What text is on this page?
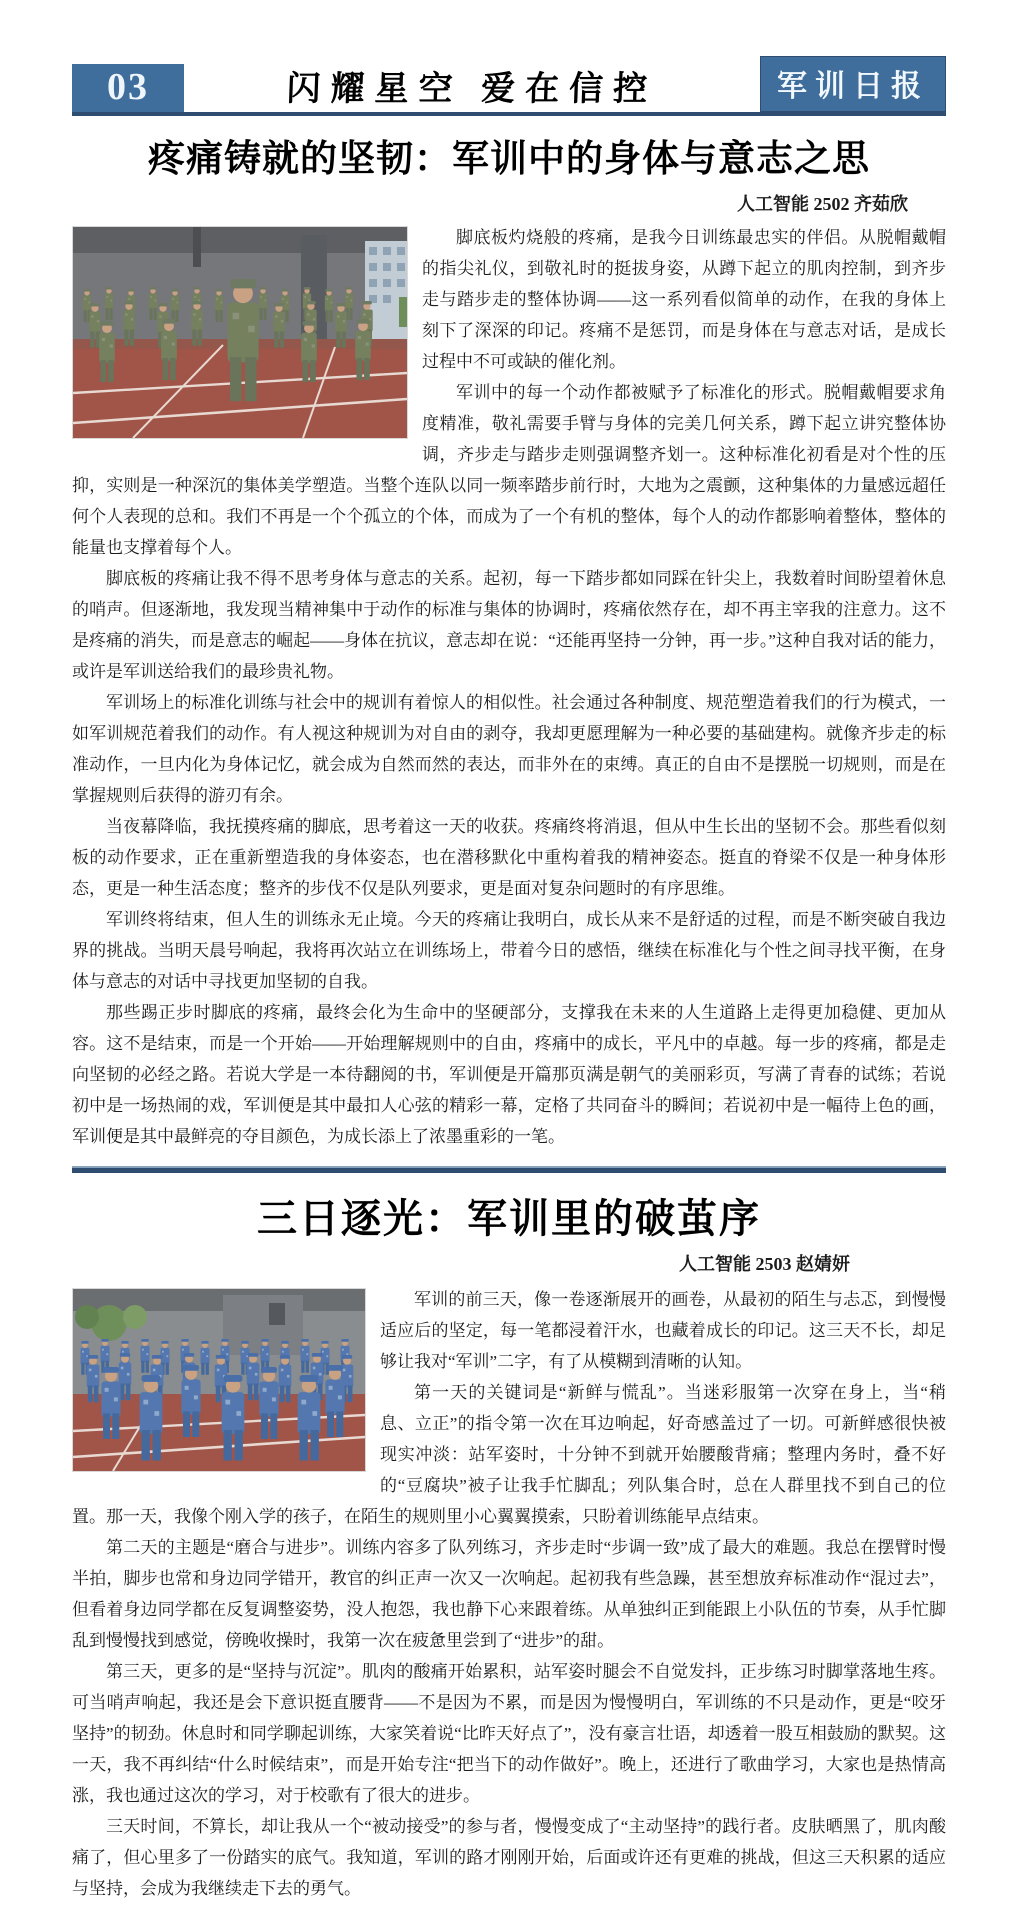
03	闪耀星空 爱在信控	军训日报
疼痛铸就的坚韧：军训中的身体与意志之思
人工智能 2502 齐茹欣

脚底板灼烧般的疼痛，是我今日训练最忠实的伴侣。从脱帽戴帽的指尖礼仪，到敬礼时的挺拔身姿，从蹲下起立的肌肉控制，到齐步走与踏步走的整体协调——这一系列看似简单的动作，在我的身体上刻下了深深的印记。疼痛不是惩罚，而是身体在与意志对话，是成长过程中不可或缺的催化剂。

军训中的每一个动作都被赋予了标准化的形式。脱帽戴帽要求角度精准，敬礼需要手臂与身体的完美几何关系，蹲下起立讲究整体协调，齐步走与踏步走则强调整齐划一。这种标准化初看是对个性的压抑，实则是一种深沉的集体美学塑造。当整个连队以同一频率踏步前行时，大地为之震颤，这种集体的力量感远超任何个人表现的总和。我们不再是一个个孤立的个体，而成为了一个有机的整体，每个人的动作都影响着整体，整体的能量也支撑着每个人。

脚底板的疼痛让我不得不思考身体与意志的关系。起初，每一下踏步都如同踩在针尖上，我数着时间盼望着休息的哨声。但逐渐地，我发现当精神集中于动作的标准与集体的协调时，疼痛依然存在，却不再主宰我的注意力。这不是疼痛的消失，而是意志的崛起——身体在抗议，意志却在说：“还能再坚持一分钟，再一步。”这种自我对话的能力，或许是军训送给我们的最珍贵礼物。

军训场上的标准化训练与社会中的规训有着惊人的相似性。社会通过各种制度、规范塑造着我们的行为模式，一如军训规范着我们的动作。有人视这种规训为对自由的剥夺，我却更愿理解为一种必要的基础建构。就像齐步走的标准动作，一旦内化为身体记忆，就会成为自然而然的表达，而非外在的束缚。真正的自由不是摆脱一切规则，而是在掌握规则后获得的游刃有余。

当夜幕降临，我抚摸疼痛的脚底，思考着这一天的收获。疼痛终将消退，但从中生长出的坚韧不会。那些看似刻板的动作要求，正在重新塑造我的身体姿态，也在潜移默化中重构着我的精神姿态。挺直的脊梁不仅是一种身体形态，更是一种生活态度；整齐的步伐不仅是队列要求，更是面对复杂问题时的有序思维。

军训终将结束，但人生的训练永无止境。今天的疼痛让我明白，成长从来不是舒适的过程，而是不断突破自我边界的挑战。当明天晨号响起，我将再次站立在训练场上，带着今日的感悟，继续在标准化与个性之间寻找平衡，在身体与意志的对话中寻找更加坚韧的自我。

那些踢正步时脚底的疼痛，最终会化为生命中的坚硬部分，支撑我在未来的人生道路上走得更加稳健、更加从容。这不是结束，而是一个开始——开始理解规则中的自由，疼痛中的成长，平凡中的卓越。每一步的疼痛，都是走向坚韧的必经之路。若说大学是一本待翻阅的书，军训便是开篇那页满是朝气的美丽彩页，写满了青春的试练；若说初中是一场热闹的戏，军训便是其中最扣人心弦的精彩一幕，定格了共同奋斗的瞬间；若说初中是一幅待上色的画，军训便是其中最鲜亮的夺目颜色，为成长添上了浓墨重彩的一笔。

三日逐光：军训里的破茧序
人工智能 2503 赵婧妍

军训的前三天，像一卷逐渐展开的画卷，从最初的陌生与忐忑，到慢慢适应后的坚定，每一笔都浸着汗水，也藏着成长的印记。这三天不长，却足够让我对“军训”二字，有了从模糊到清晰的认知。

第一天的关键词是“新鲜与慌乱”。当迷彩服第一次穿在身上，当“稍息、立正”的指令第一次在耳边响起，好奇感盖过了一切。可新鲜感很快被现实冲淡：站军姿时，十分钟不到就开始腰酸背痛；整理内务时，叠不好的“豆腐块”被子让我手忙脚乱；列队集合时，总在人群里找不到自己的位置。那一天，我像个刚入学的孩子，在陌生的规则里小心翼翼摸索，只盼着训练能早点结束。

第二天的主题是“磨合与进步”。训练内容多了队列练习，齐步走时“步调一致”成了最大的难题。我总在摆臂时慢半拍，脚步也常和身边同学错开，教官的纠正声一次又一次响起。起初我有些急躁，甚至想放弃标准动作“混过去”，但看着身边同学都在反复调整姿势，没人抱怨，我也静下心来跟着练。从单独纠正到能跟上小队伍的节奏，从手忙脚乱到慢慢找到感觉，傍晚收操时，我第一次在疲惫里尝到了“进步”的甜。

第三天，更多的是“坚持与沉淀”。肌肉的酸痛开始累积，站军姿时腿会不自觉发抖，正步练习时脚掌落地生疼。可当哨声响起，我还是会下意识挺直腰背——不是因为不累，而是因为慢慢明白，军训练的不只是动作，更是“咬牙坚持”的韧劲。休息时和同学聊起训练，大家笑着说“比昨天好点了”，没有豪言壮语，却透着一股互相鼓励的默契。这一天，我不再纠结“什么时候结束”，而是开始专注“把当下的动作做好”。晚上，还进行了歌曲学习，大家也是热情高涨，我也通过这次的学习，对于校歌有了很大的进步。

三天时间，不算长，却让我从一个“被动接受”的参与者，慢慢变成了“主动坚持”的践行者。皮肤晒黑了，肌肉酸痛了，但心里多了一份踏实的底气。我知道，军训的路才刚刚开始，后面或许还有更难的挑战，但这三天积累的适应与坚持，会成为我继续走下去的勇气。
